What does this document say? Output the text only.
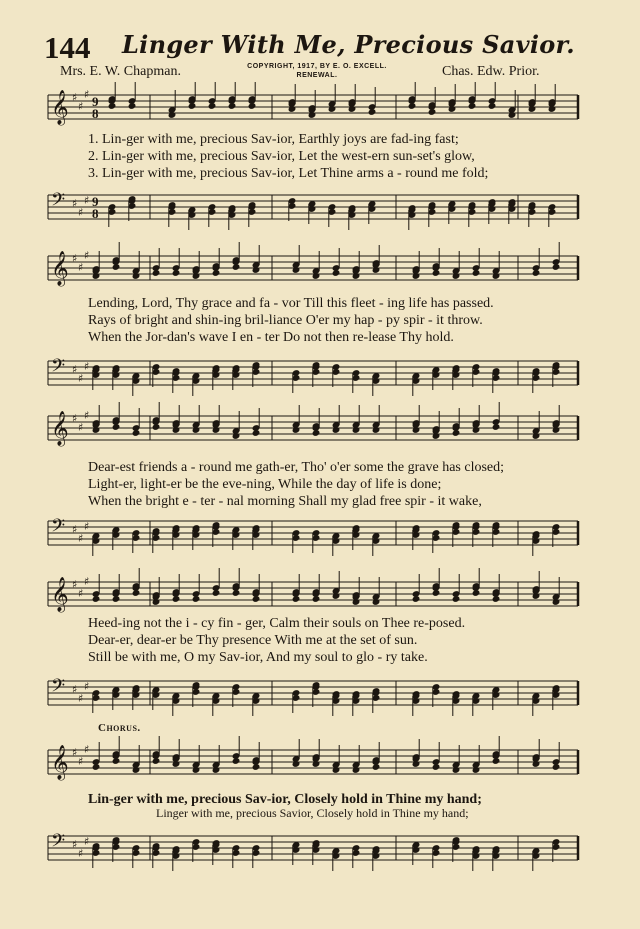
144 Linger With Me, Precious Savior.
Mrs. E. W. Chapman.	COPYRIGHT, 1917, BY E. O. EXCELL.
RENEWAL.	Chas. Edw. Prior.
𝄞 ♯
♯
♯ 9
8
1. Lin-ger with me, precious Sav-ior, Earthly joys are fad-ing fast;
2. Lin-ger with me, precious Sav-ior, Let the west-ern sun-set's glow,
3. Lin-ger with me, precious Sav-ior, Let Thine arms a - round me fold;
𝄢 ♯
♯
♯ 9
8
𝄞 ♯
♯
♯
Lending, Lord, Thy grace and fa - vor Till this fleet - ing life has passed.
Rays of bright and shin-ing bril-liance O'er my hap - py spir - it throw.
When the Jor-dan's wave I en - ter Do not then re-lease Thy hold.
𝄢 ♯
♯
♯
𝄞 ♯
♯
♯
Dear-est friends a - round me gath-er, Tho' o'er some the grave has closed;
Light-er, light-er be the eve-ning, While the day of life is done;
When the bright e - ter - nal morning Shall my glad free spir - it wake,
𝄢 ♯
♯
♯
𝄞 ♯
♯
♯
Heed-ing not the i - cy fin - ger, Calm their souls on Thee re-posed.
Dear-er, dear-er be Thy presence With me at the set of sun.
Still be with me, O my Sav-ior, And my soul to glo - ry take.
𝄢 ♯
♯
♯
Chorus.
𝄞 ♯
♯
♯
Lin-ger with me, precious Sav-ior, Closely hold in Thine my hand;
Linger with me, precious Savior, Closely hold in Thine my hand;
𝄢 ♯
♯
♯
